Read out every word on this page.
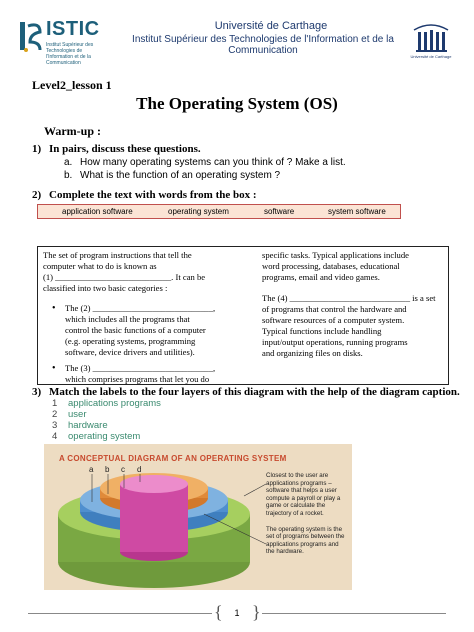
ISTIC
Institut Supérieur des Technologies de l'Information et de la Communication
Université de Carthage
Institut Supérieur des Technologies de l'Information et de la Communication
Université de Carthage
Level2_lesson 1
The Operating System (OS)
Warm-up :
1) In pairs, discuss these questions.
a. How many operating systems can you think of ? Make a list.
b. What is the function of an operating system ?
2) Complete the text with words from the box :
application software	operating system	software	system software
The set of program instructions that tell the
computer what to do is known as
(1) ___________________________. It can be
classified into two basic categories :
• The (2) ____________________________,
which includes all the programs that
control the basic functions of a computer
(e.g. operating systems, programming
software, device drivers and utilities).
• The (3) ____________________________,
which comprises programs that let you do
specific tasks. Typical applications include
word processing, databases, educational
programs, email and video games.
The (4) ____________________________ is a set
of programs that control the hardware and
software resources of a computer system.
Typical functions include handling
input/output operations, running programs
and organizing files on disks.
3) Match the labels to the four layers of this diagram with the help of the diagram caption.
1 applications programs
2 user
3 hardware
4 operating system
a b c d
A CONCEPTUAL DIAGRAM OF AN OPERATING SYSTEM
Closest to the user are applications programs – software that helps a user compute a payroll or play a game or calculate the trajectory of a rocket.
The operating system is the set of programs between the applications programs and the hardware.
{ }
1
